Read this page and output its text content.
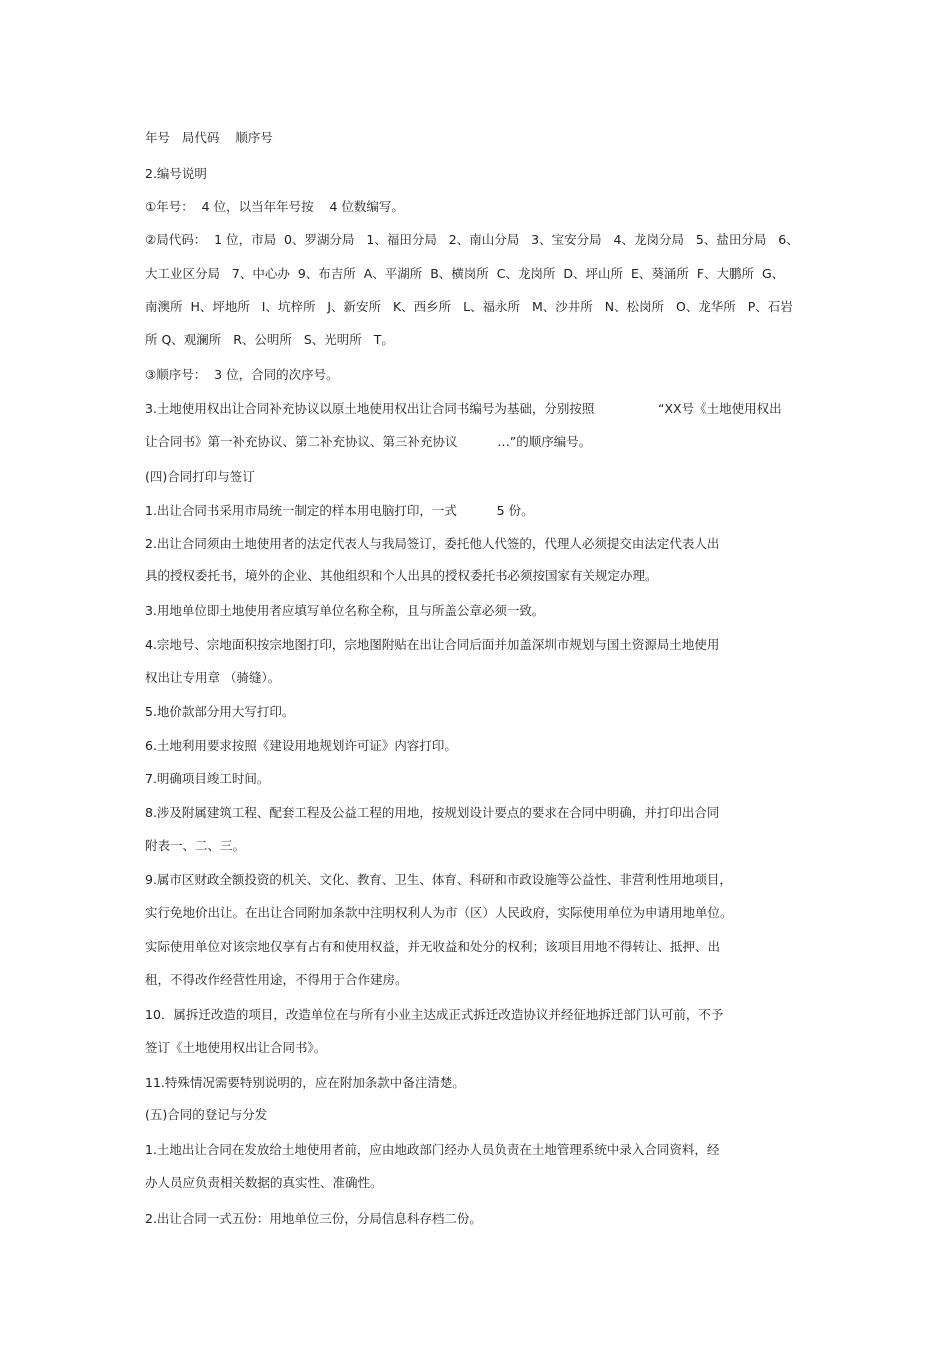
年号   局代码    顺序号
2.编号说明
①年号：  4 位，以当年年号按    4 位数编写。
②局代码：  1 位，市局  0、罗湖分局   1、福田分局   2、南山分局   3、宝安分局   4、龙岗分局   5、盐田分局   6、
大工业区分局   7、中心办  9、布吉所  A、平湖所  B、横岗所  C、龙岗所  D、坪山所  E、葵涌所  F、大鹏所  G、
南澳所  H、坪地所   I、坑梓所   J、新安所   K、西乡所   L、福永所   M、沙井所   N、松岗所   O、龙华所   P、石岩
所 Q、观澜所   R、公明所   S、光明所   T。
③顺序号：  3 位，合同的次序号。
3.土地使用权出让合同补充协议以原土地使用权出让合同书编号为基础，分别按照                “XX号《土地使用权出
让合同书》第一补充协议、第二补充协议、第三补充协议          …”的顺序编号。
(四)合同打印与签订
1.出让合同书采用市局统一制定的样本用电脑打印，一式          5 份。
2.出让合同须由土地使用者的法定代表人与我局签订，委托他人代签的，代理人必须提交由法定代表人出
具的授权委托书，境外的企业、其他组织和个人出具的授权委托书必须按国家有关规定办理。
3.用地单位即土地使用者应填写单位名称全称，且与所盖公章必须一致。
4.宗地号、宗地面积按宗地图打印，宗地图附贴在出让合同后面并加盖深圳市规划与国土资源局土地使用
权出让专用章 （骑缝）。
5.地价款部分用大写打印。
6.土地利用要求按照《建设用地规划许可证》内容打印。
7.明确项目竣工时间。
8.涉及附属建筑工程、配套工程及公益工程的用地，按规划设计要点的要求在合同中明确，并打印出合同
附表一、二、三。
9.属市区财政全额投资的机关、文化、教育、卫生、体育、科研和市政设施等公益性、非营利性用地项目，
实行免地价出让。在出让合同附加条款中注明权利人为市（区）人民政府，实际使用单位为申请用地单位。
实际使用单位对该宗地仅享有占有和使用权益，并无收益和处分的权利；该项目用地不得转让、抵押、出
租，不得改作经营性用途，不得用于合作建房。
10．属拆迁改造的项目，改造单位在与所有小业主达成正式拆迁改造协议并经征地拆迁部门认可前，不予
签订《土地使用权出让合同书》。
11.特殊情况需要特别说明的，应在附加条款中备注清楚。
(五)合同的登记与分发
1.土地出让合同在发放给土地使用者前，应由地政部门经办人员负责在土地管理系统中录入合同资料，经
办人员应负责相关数据的真实性、准确性。
2.出让合同一式五份：用地单位三份，分局信息科存档二份。
